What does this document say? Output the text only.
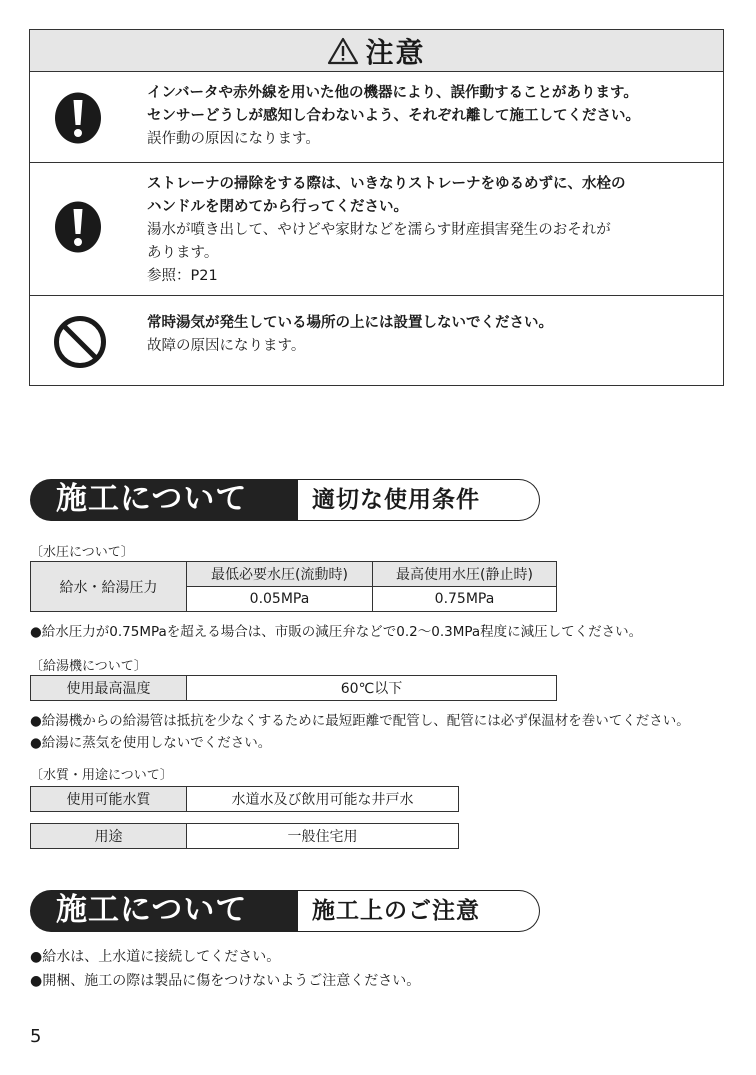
注意
インバータや赤外線を用いた他の機器により、誤作動することがあります。
センサーどうしが感知し合わないよう、それぞれ離して施工してください。
誤作動の原因になります。
ストレーナの掃除をする際は、いきなりストレーナをゆるめずに、水栓の
ハンドルを閉めてから行ってください。
湯水が噴き出して、やけどや家財などを濡らす財産損害発生のおそれが
あります。
参照：P21
常時湯気が発生している場所の上には設置しないでください。
故障の原因になります。
施工について	適切な使用条件
〔水圧について〕
給水・給湯圧力	最低必要水圧(流動時)	最高使用水圧(静止時)
	0.05MPa	0.75MPa
●給水圧力が0.75MPaを超える場合は、市販の減圧弁などで0.2〜0.3MPa程度に減圧してください。
〔給湯機について〕
使用最高温度	60℃以下
●給湯機からの給湯管は抵抗を少なくするために最短距離で配管し、配管には必ず保温材を巻いてください。
●給湯に蒸気を使用しないでください。
〔水質・用途について〕
使用可能水質	水道水及び飲用可能な井戸水
用途	一般住宅用
施工について	施工上のご注意
●給水は、上水道に接続してください。
●開梱、施工の際は製品に傷をつけないようご注意ください。
5
